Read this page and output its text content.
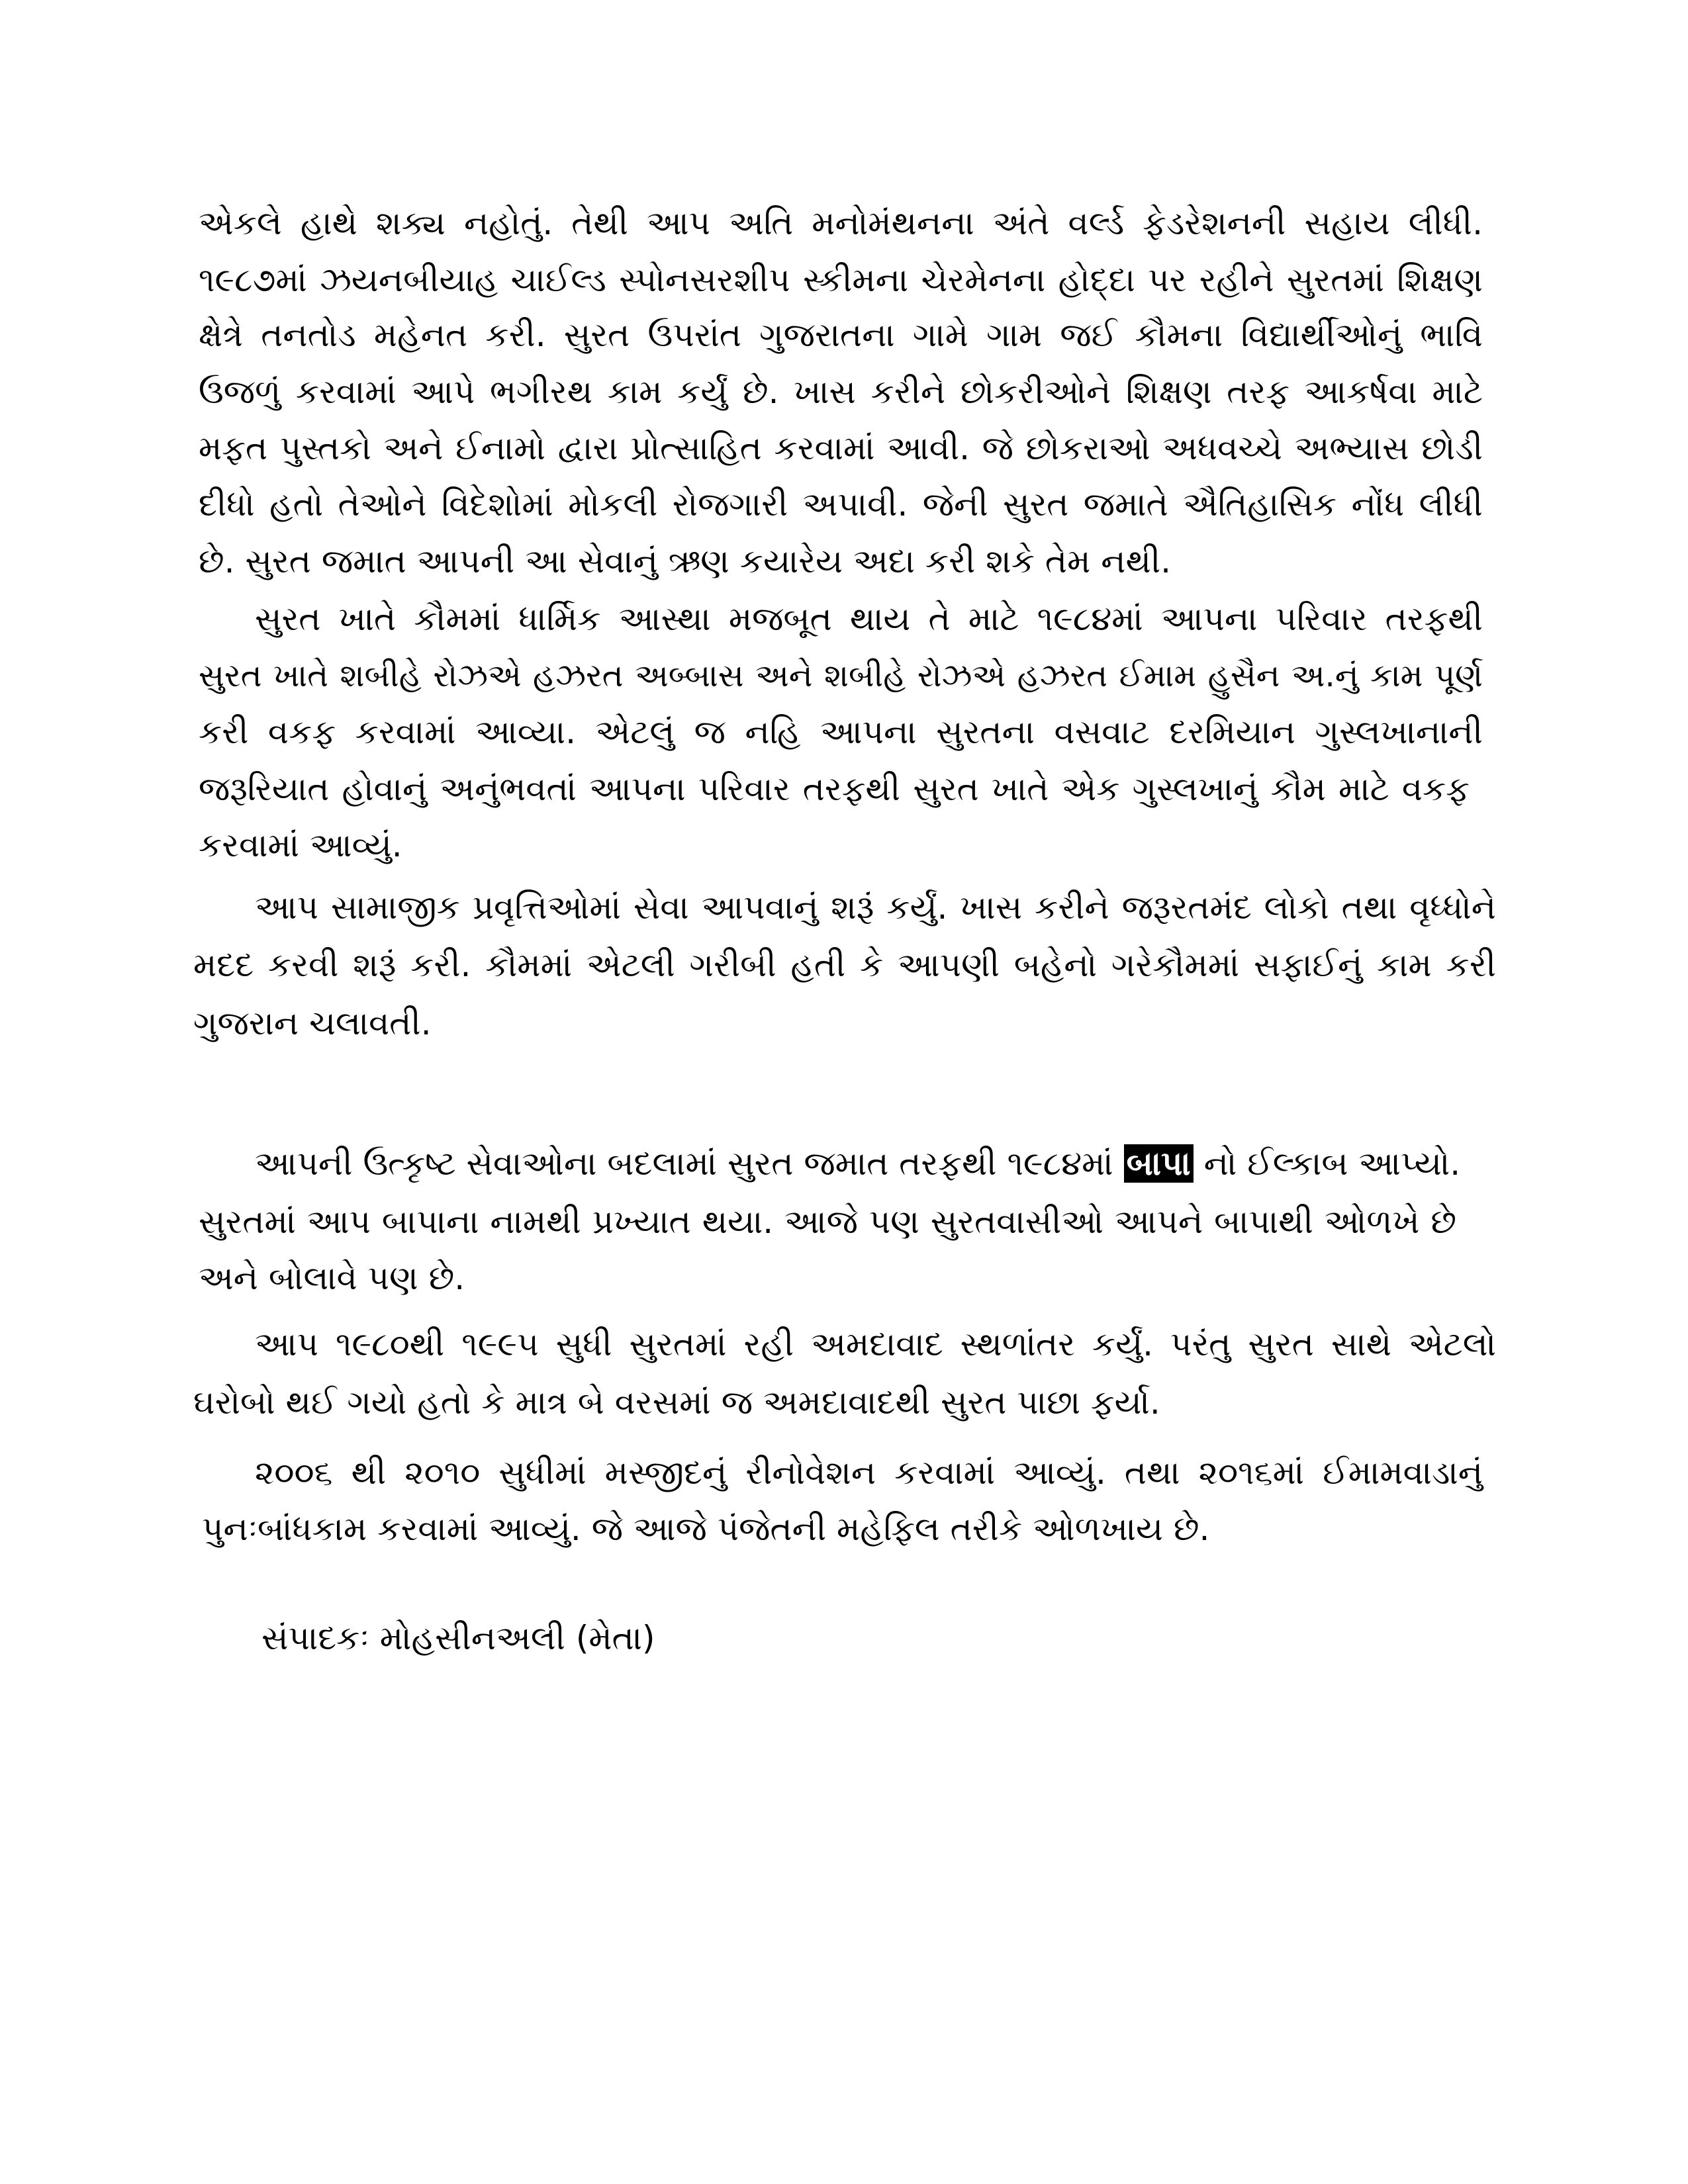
એકલે હાથે શક્ય નહોતું. તેથી આપ અતિ મનોમંથનના અંતે વર્લ્ડ ફેડરેશનની સહાય લીધી.
૧૯૮૭માં ઝયનબીયાહ ચાઈલ્ડ સ્પોનસરશીપ સ્કીમના ચેરમેનના હોદ્દા પર રહીને સુરતમાં શિક્ષણ
ક્ષેત્રે તનતોડ મહેનત કરી. સુરત ઉપરાંત ગુજરાતના ગામે ગામ જઈ કૌમના વિદ્યાર્થીઓનું ભાવિ
ઉજળું કરવામાં આપે ભગીરથ કામ કર્યું છે. ખાસ કરીને છોકરીઓને શિક્ષણ તરફ આકર્ષવા માટે
મફત પુસ્તકો અને ઈનામો દ્વારા પ્રોત્સાહિત કરવામાં આવી. જે છોકરાઓ અધવચ્ચે અભ્યાસ છોડી
દીધો હતો તેઓને વિદેશોમાં મોકલી રોજગારી અપાવી. જેની સુરત જમાતે ઐતિહાસિક નોંધ લીધી
છે. સુરત જમાત આપની આ સેવાનું ઋણ કયારેય અદા કરી શકે તેમ નથી.
સુરત ખાતે કૌમમાં ધાર્મિક આસ્થા મજબૂત થાય તે માટે ૧૯૮૪માં આપના પરિવાર તરફથી
સુરત ખાતે શબીહે રોઝએ હઝરત અબ્બાસ અને શબીહે રોઝએ હઝરત ઈમામ હુસૈન અ.નું કામ પૂર્ણ
કરી વકફ કરવામાં આવ્યા. એટલું જ નહિ આપના સુરતના વસવાટ દરમિયાન ગુસ્લખાનાની
જરૂરિયાત હોવાનું અનુંભવતાં આપના પરિવાર તરફથી સુરત ખાતે એક ગુસ્લખાનું કૌમ માટે વકફ
કરવામાં આવ્યું.
આપ સામાજીક પ્રવૃત્તિઓમાં સેવા આપવાનું શરૂં કર્યું. ખાસ કરીને જરૂરતમંદ લોકો તથા વૃધ્ધોને
મદદ કરવી શરૂં કરી. કૌમમાં એટલી ગરીબી હતી કે આપણી બહેનો ગરેકૌમમાં સફાઈનું કામ કરી
ગુજરાન ચલાવતી.
આપની ઉત્કૃષ્ટ સેવાઓના બદલામાં સુરત જમાત તરફથી ૧૯૮૪માં બાપા નો ઈલ્કાબ આપ્યો.
સુરતમાં આપ બાપાના નામથી પ્રખ્યાત થયા. આજે પણ સુરતવાસીઓ આપને બાપાથી ઓળખે છે
અને બોલાવે પણ છે.
આપ ૧૯૮૦થી ૧૯૯૫ સુધી સુરતમાં રહી અમદાવાદ સ્થળાંતર કર્યું. પરંતુ સુરત સાથે એટલો
ઘરોબો થઈ ગયો હતો કે માત્ર બે વરસમાં જ અમદાવાદથી સુરત પાછા ફર્યા.
૨૦૦૬ થી ૨૦૧૦ સુધીમાં મસ્જીદનું રીનોવેશન કરવામાં આવ્યું. તથા ૨૦૧૬માં ઈમામવાડાનું
પુનઃબાંધકામ કરવામાં આવ્યું. જે આજે પંજેતની મહેફિલ તરીકે ઓળખાય છે.
સંપાદકઃ મોહસીનઅલી (મેતા)
